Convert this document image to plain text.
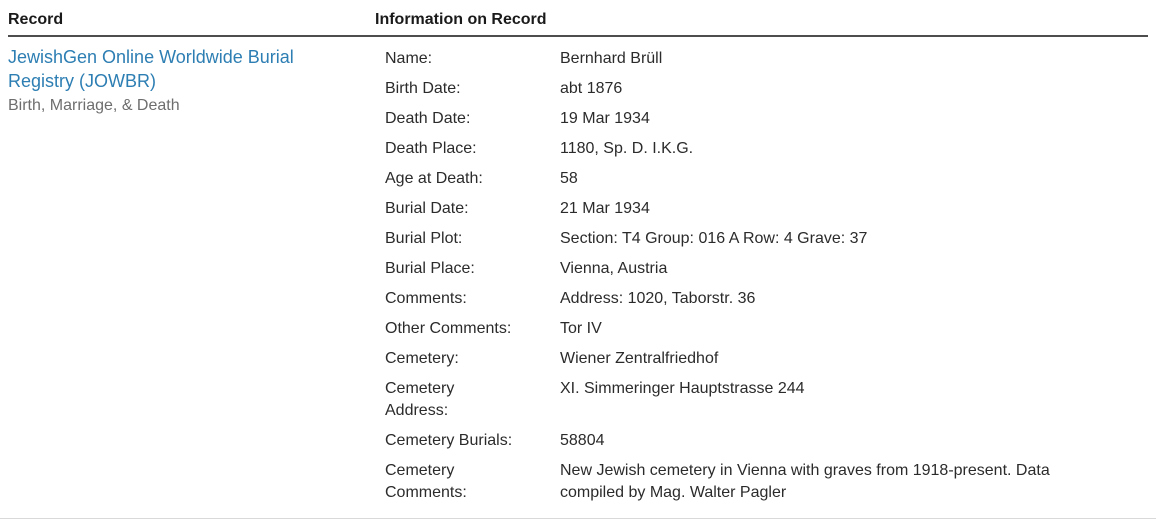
Record	Information on Record
JewishGen Online Worldwide Burial Registry (JOWBR)
Birth, Marriage, & Death
Name:	Bernhard Brüll
Birth Date:	abt 1876
Death Date:	19 Mar 1934
Death Place:	1180, Sp. D. I.K.G.
Age at Death:	58
Burial Date:	21 Mar 1934
Burial Plot:	Section: T4 Group: 016 A Row: 4 Grave: 37
Burial Place:	Vienna, Austria
Comments:	Address: 1020, Taborstr. 36
Other Comments:	Tor IV
Cemetery:	Wiener Zentralfriedhof
Cemetery Address:
XI. Simmeringer Hauptstrasse 244
Cemetery Burials:	58804
Cemetery Comments:
New Jewish cemetery in Vienna with graves from 1918-present. Data compiled by Mag. Walter Pagler
